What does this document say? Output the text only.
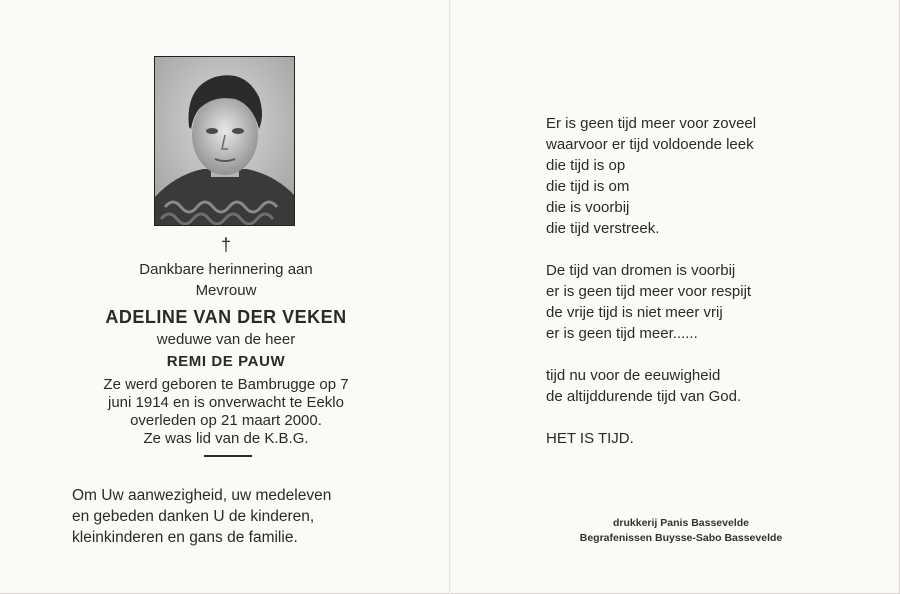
†
Dankbare herinnering aan
Mevrouw
ADELINE VAN DER VEKEN
weduwe van de heer
REMI DE PAUW
Ze werd geboren te Bambrugge op 7
juni 1914 en is onverwacht te Eeklo
overleden op 21 maart 2000.
Ze was lid van de K.B.G.
Om Uw aanwezigheid, uw medeleven
en gebeden danken U de kinderen,
kleinkinderen en gans de familie.
Er is geen tijd meer voor zoveel
waarvoor er tijd voldoende leek
die tijd is op
die tijd is om
die is voorbij
die tijd verstreek.
De tijd van dromen is voorbij
er is geen tijd meer voor respijt
de vrije tijd is niet meer vrij
er is geen tijd meer......
tijd nu voor de eeuwigheid
de altijddurende tijd van God.
HET IS TIJD.
drukkerij Panis Bassevelde
Begrafenissen Buysse-Sabo Bassevelde
